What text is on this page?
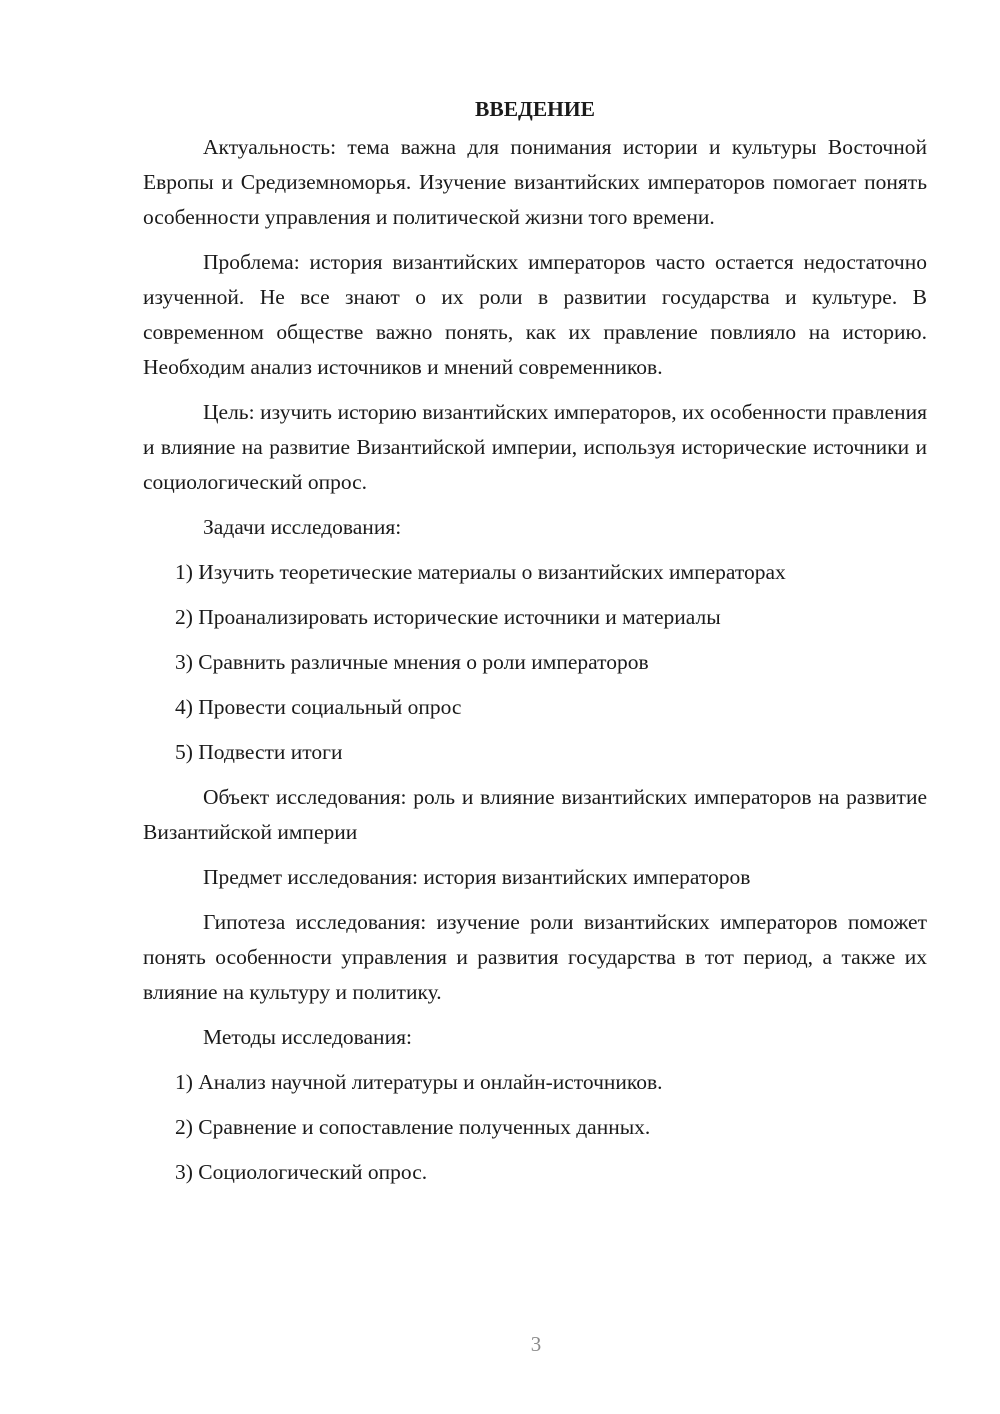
ВВЕДЕНИЕ

Актуальность: тема важна для понимания истории и культуры Восточной Европы и Средиземноморья. Изучение византийских императоров помогает понять особенности управления и политической жизни того времени.

Проблема: история византийских императоров часто остается недостаточно изученной. Не все знают о их роли в развитии государства и культуре. В современном обществе важно понять, как их правление повлияло на историю. Необходим анализ источников и мнений современников.

Цель: изучить историю византийских императоров, их особенности правления и влияние на развитие Византийской империи, используя исторические источники и социологический опрос.

Задачи исследования:
1) Изучить теоретические материалы о византийских императорах
2) Проанализировать исторические источники и материалы
3) Сравнить различные мнения о роли императоров
4) Провести социальный опрос
5) Подвести итоги

Объект исследования: роль и влияние византийских императоров на развитие Византийской империи

Предмет исследования: история византийских императоров

Гипотеза исследования: изучение роли византийских императоров поможет понять особенности управления и развития государства в тот период, а также их влияние на культуру и политику.

Методы исследования:
1) Анализ научной литературы и онлайн-источников.
2) Сравнение и сопоставление полученных данных.
3) Социологический опрос.
3
